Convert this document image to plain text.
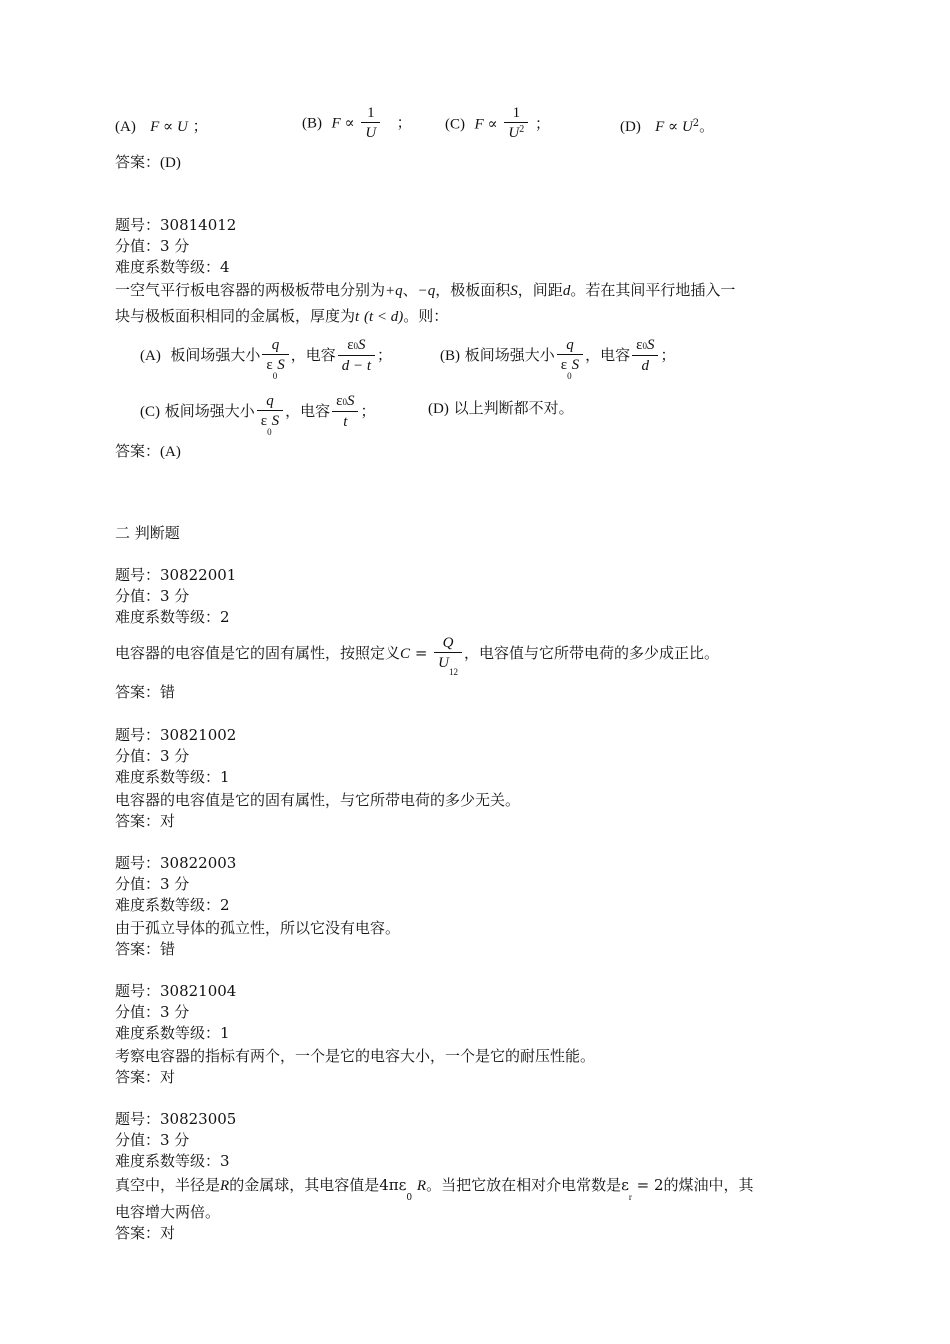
(A) F ∝ U ；	(B) $F \propto \frac{1}{U}$ ； (C) $F \propto \frac{1}{U^2}$ ；	(D) $F \propto U^2$。
答案：(D)
题号：30814012
分值：3 分
难度系数等级：4
一空气平行板电容器的两极板带电分别为+q、−q，极板面积S，间距d。若在其间平行地插入一
块与极板面积相同的金属板，厚度为t (t < d)。则：
(A) 板间场强大小 $\frac{q}{\varepsilon_0S}$ ，电容 $\frac{\varepsilon 0S}{d - t}$ ；	(B) 板间场强大小 $\frac{q}{\varepsilon_0S}$ ，电容 $\frac{\varepsilon 0S}{d}$ ；
(C) 板间场强大小 $\frac{q}{\varepsilon_0S}$ ，电容 $\frac{\varepsilon 0S}{t}$ ；	(D) 以上判断都不对。
答案：(A)
二 判断题
题号：30822001
分值：3 分
难度系数等级：2
电容器的电容值是它的固有属性，按照定义$C = \frac{Q}{U_{12}}$ ，电容值与它所带电荷的多少成正比。
答案：错
题号：30821002
分值：3 分
难度系数等级：1
电容器的电容值是它的固有属性，与它所带电荷的多少无关。
答案：对
题号：30822003
分值：3 分
难度系数等级：2
由于孤立导体的孤立性，所以它没有电容。
答案：错
题号：30821004
分值：3 分
难度系数等级：1
考察电容器的指标有两个，一个是它的电容大小，一个是它的耐压性能。
答案：对
题号：30823005
分值：3 分
难度系数等级：3
真空中，半径是R的金属球，其电容值是$4\pi\varepsilon_0$ R。当把它放在相对介电常数是$\varepsilon_r = 2$的煤油中，其
电容增大两倍。
答案：对
